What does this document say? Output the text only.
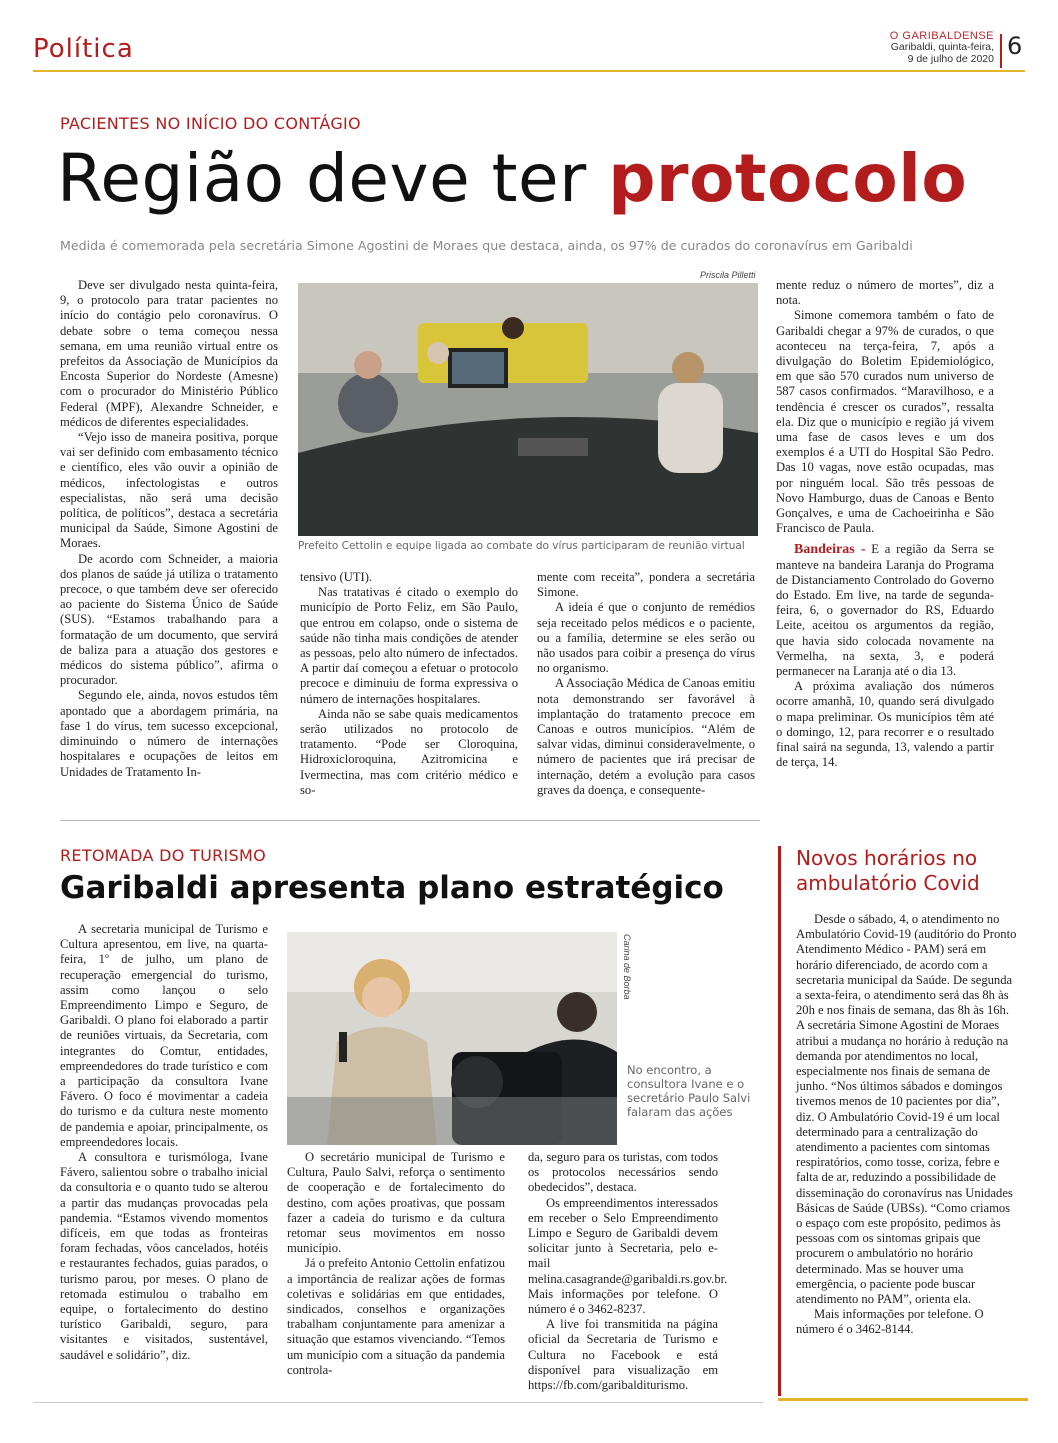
Política	O GARIBALDENSE
Garibaldi, quinta-feira,
9 de julho de 2020 6
PACIENTES NO INÍCIO DO CONTÁGIO
Região deve ter protocolo
Medida é comemorada pela secretária Simone Agostini de Moraes que destaca, ainda, os 97% de curados do coronavírus em Garibaldi

Deve ser divulgado nesta quinta-feira, 9, o protocolo para tratar pacientes no início do contágio pelo coronavírus. O debate sobre o tema começou nessa semana, em uma reunião virtual entre os prefeitos da Associação de Municípios da Encosta Superior do Nordeste (Amesne) com o procurador do Ministério Público Federal (MPF), Alexandre Schneider, e médicos de diferentes especialidades.

“Vejo isso de maneira positiva, porque vai ser definido com embasamento técnico e científico, eles vão ouvir a opinião de médicos, infectologistas e outros especialistas, não será uma decisão política, de políticos”, destaca a secretária municipal da Saúde, Simone Agostini de Moraes.

De acordo com Schneider, a maioria dos planos de saúde já utiliza o tratamento precoce, o que também deve ser oferecido ao paciente do Sistema Único de Saúde (SUS). “Estamos trabalhando para a formatação de um documento, que servirá de baliza para a atuação dos gestores e médicos do sistema público”, afirma o procurador.

Segundo ele, ainda, novos estudos têm apontado que a abordagem primária, na fase 1 do vírus, tem sucesso excepcional, diminuindo o número de internações hospitalares e ocupações de leitos em Unidades de Tratamento In-

Priscila Pilletti
Prefeito Cettolin e equipe ligada ao combate do vírus participaram de reunião virtual

tensivo (UTI).

Nas tratativas é citado o exemplo do município de Porto Feliz, em São Paulo, que entrou em colapso, onde o sistema de saúde não tinha mais condições de atender as pessoas, pelo alto número de infectados. A partir daí começou a efetuar o protocolo precoce e diminuiu de forma expressiva o número de internações hospitalares.

Ainda não se sabe quais medicamentos serão utilizados no protocolo de tratamento. “Pode ser Cloroquina, Hidroxicloroquina, Azitromicina e Ivermectina, mas com critério médico e so-

mente com receita”, pondera a secretária Simone.

A ideia é que o conjunto de remédios seja receitado pelos médicos e o paciente, ou a família, determine se eles serão ou não usados para coibir a presença do vírus no organismo.

A Associação Médica de Canoas emitiu nota demonstrando ser favorável à implantação do tratamento precoce em Canoas e outros municípios. “Além de salvar vidas, diminui consideravelmente, o número de pacientes que irá precisar de internação, detém a evolução para casos graves da doença, e consequente-

mente reduz o número de mortes”, diz a nota.

Simone comemora também o fato de Garibaldi chegar a 97% de curados, o que aconteceu na terça-feira, 7, após a divulgação do Boletim Epidemiológico, em que são 570 curados num universo de 587 casos confirmados. “Maravilhoso, e a tendência é crescer os curados”, ressalta ela. Diz que o município e região já vivem uma fase de casos leves e um dos exemplos é a UTI do Hospital São Pedro. Das 10 vagas, nove estão ocupadas, mas por ninguém local. São três pessoas de Novo Hamburgo, duas de Canoas e Bento Gonçalves, e uma de Cachoeirinha e São Francisco de Paula.

Bandeiras - E a região da Serra se manteve na bandeira Laranja do Programa de Distanciamento Controlado do Governo do Estado. Em live, na tarde de segunda-feira, 6, o governador do RS, Eduardo Leite, aceitou os argumentos da região, que havia sido colocada novamente na Vermelha, na sexta, 3, e poderá permanecer na Laranja até o dia 13.

A próxima avaliação dos números ocorre amanhã, 10, quando será divulgado o mapa preliminar. Os municípios têm até o domingo, 12, para recorrer e o resultado final sairá na segunda, 13, valendo a partir de terça, 14.

RETOMADA DO TURISMO
Garibaldi apresenta plano estratégico

A secretaria municipal de Turismo e Cultura apresentou, em live, na quarta-feira, 1º de julho, um plano de recuperação emergencial do turismo, assim como lançou o selo Empreendimento Limpo e Seguro, de Garibaldi. O plano foi elaborado a partir de reuniões virtuais, da Secretaria, com integrantes do Comtur, entidades, empreendedores do trade turístico e com a participação da consultora Ivane Fávero. O foco é movimentar a cadeia do turismo e da cultura neste momento de pandemia e apoiar, principalmente, os empreendedores locais.

A consultora e turismóloga, Ivane Fávero, salientou sobre o trabalho inicial da consultoria e o quanto tudo se alterou a partir das mudanças provocadas pela pandemia. “Estamos vivendo momentos difíceis, em que todas as fronteiras foram fechadas, vôos cancelados, hotéis e restaurantes fechados, guias parados, o turismo parou, por meses. O plano de retomada estimulou o trabalho em equipe, o fortalecimento do destino turístico Garibaldi, seguro, para visitantes e visitados, sustentável, saudável e solidário”, diz.

Carina de Borba
No encontro, a consultora Ivane e o secretário Paulo Salvi falaram das ações

O secretário municipal de Turismo e Cultura, Paulo Salvi, reforça o sentimento de cooperação e de fortalecimento do destino, com ações proativas, que possam fazer a cadeia do turismo e da cultura retomar seus movimentos em nosso município.

Já o prefeito Antonio Cettolin enfatizou a importância de realizar ações de formas coletivas e solidárias em que entidades, sindicados, conselhos e organizações trabalham conjuntamente para amenizar a situação que estamos vivenciando. “Temos um município com a situação da pandemia controla-

da, seguro para os turistas, com todos os protocolos necessários sendo obedecidos”, destaca.

Os empreendimentos interessados em receber o Selo Empreendimento Limpo e Seguro de Garibaldi devem solicitar junto à Secretaria, pelo e-mail melina.casagrande@garibaldi.rs.gov.br. Mais informações por telefone. O número é o 3462-8237.

A live foi transmitida na página oficial da Secretaria de Turismo e Cultura no Facebook e está disponível para visualização em https://fb.com/garibalditurismo.

Novos horários no ambulatório Covid

Desde o sábado, 4, o atendimento no Ambulatório Covid-19 (auditório do Pronto Atendimento Médico - PAM) será em horário diferenciado, de acordo com a secretaria municipal da Saúde. De segunda a sexta-feira, o atendimento será das 8h às 20h e nos finais de semana, das 8h às 16h. A secretária Simone Agostini de Moraes atribui a mudança no horário à redução na demanda por atendimentos no local, especialmente nos finais de semana de junho. “Nos últimos sábados e domingos tivemos menos de 10 pacientes por dia”, diz. O Ambulatório Covid-19 é um local determinado para a centralização do atendimento a pacientes com sintomas respiratórios, como tosse, coriza, febre e falta de ar, reduzindo a possibilidade de disseminação do coronavírus nas Unidades Básicas de Saúde (UBSs). “Como criamos o espaço com este propósito, pedimos às pessoas com os sintomas gripais que procurem o ambulatório no horário determinado. Mas se houver uma emergência, o paciente pode buscar atendimento no PAM”, orienta ela.

Mais informações por telefone. O número é o 3462-8144.
